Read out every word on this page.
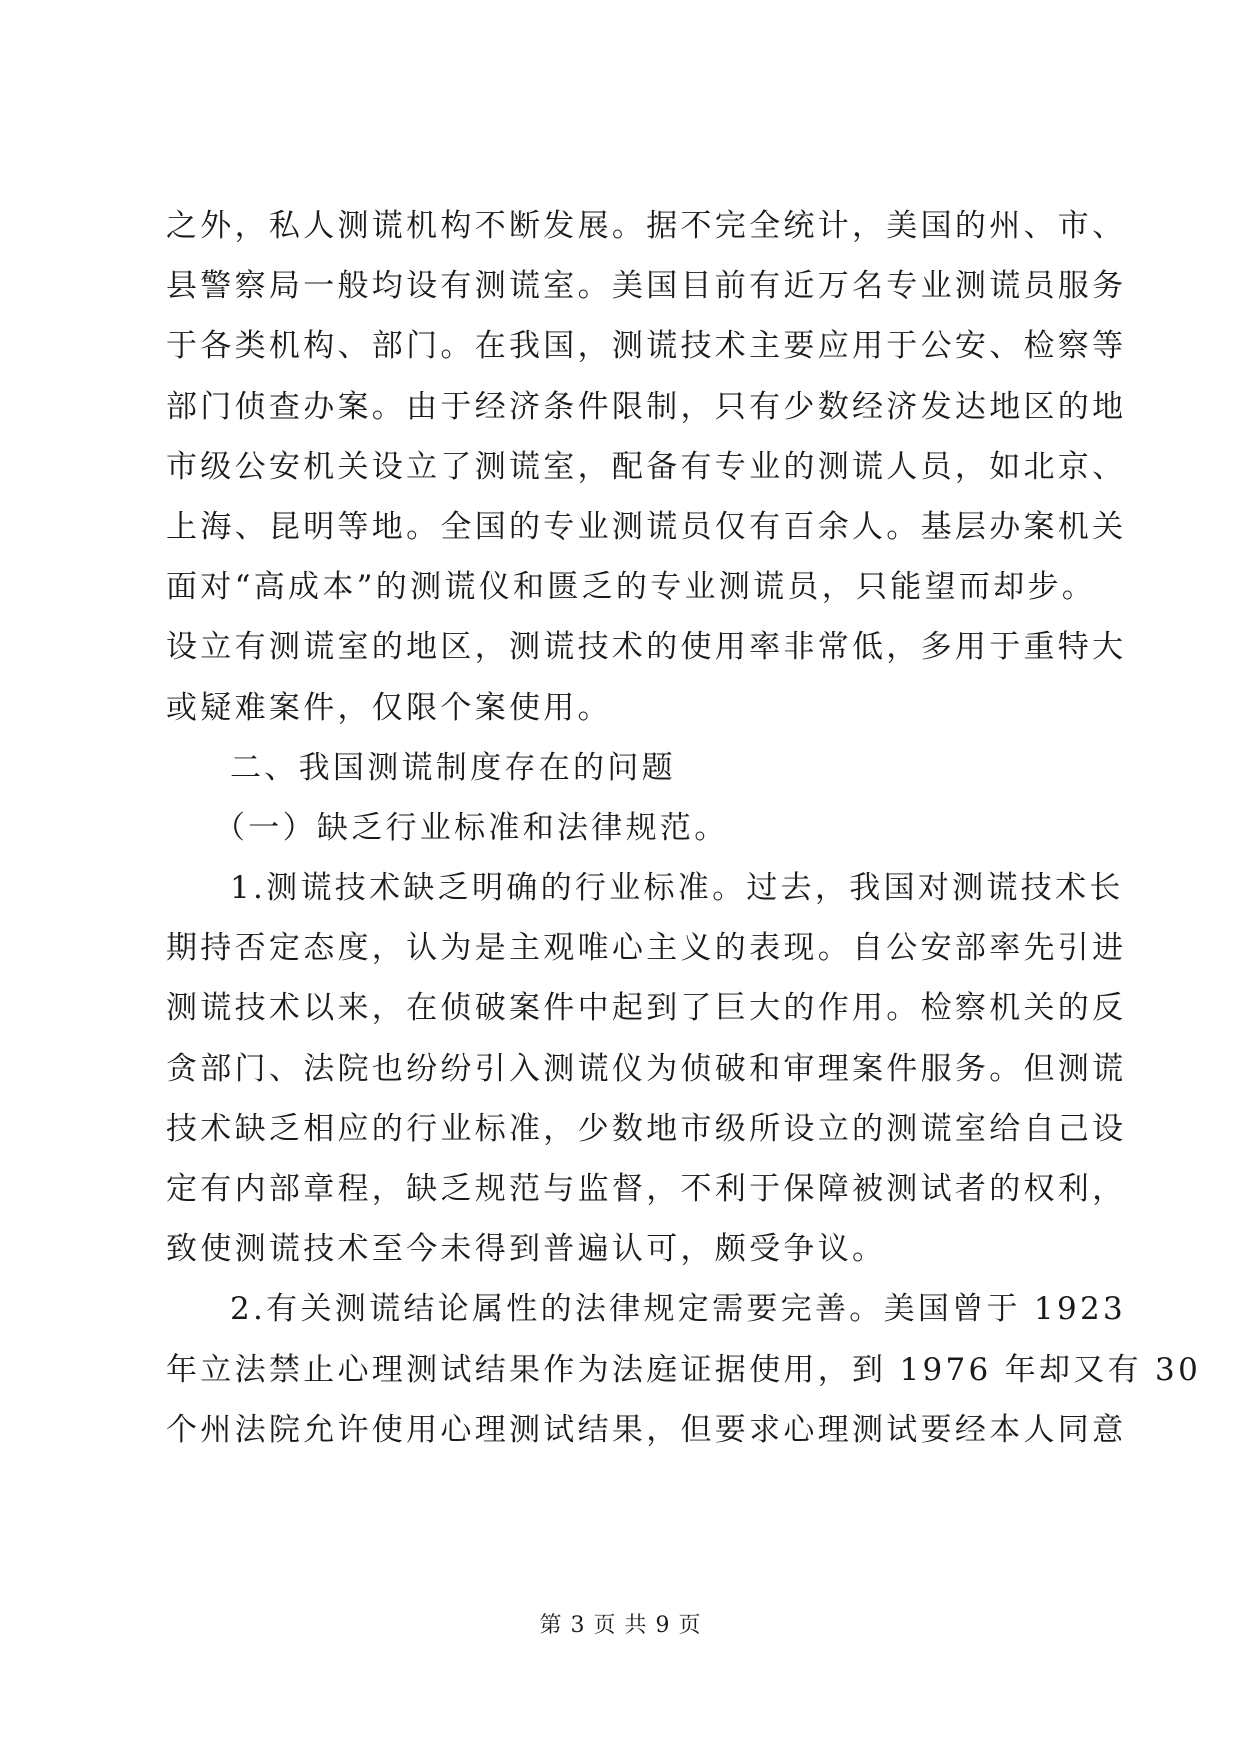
之外，私人测谎机构不断发展。据不完全统计，美国的州、市、
县警察局一般均设有测谎室。美国目前有近万名专业测谎员服务
于各类机构、部门。在我国，测谎技术主要应用于公安、检察等
部门侦查办案。由于经济条件限制，只有少数经济发达地区的地
市级公安机关设立了测谎室，配备有专业的测谎人员，如北京、
上海、昆明等地。全国的专业测谎员仅有百余人。基层办案机关
面对“高成本”的测谎仪和匮乏的专业测谎员，只能望而却步。
设立有测谎室的地区，测谎技术的使用率非常低，多用于重特大
或疑难案件，仅限个案使用。
二、我国测谎制度存在的问题
（一）缺乏行业标准和法律规范。
1.测谎技术缺乏明确的行业标准。过去，我国对测谎技术长
期持否定态度，认为是主观唯心主义的表现。自公安部率先引进
测谎技术以来，在侦破案件中起到了巨大的作用。检察机关的反
贪部门、法院也纷纷引入测谎仪为侦破和审理案件服务。但测谎
技术缺乏相应的行业标准，少数地市级所设立的测谎室给自己设
定有内部章程，缺乏规范与监督，不利于保障被测试者的权利，
致使测谎技术至今未得到普遍认可，颇受争议。
2.有关测谎结论属性的法律规定需要完善。美国曾于 1923
年立法禁止心理测试结果作为法庭证据使用，到 1976 年却又有 30
个州法院允许使用心理测试结果，但要求心理测试要经本人同意
第 3 页 共 9 页
